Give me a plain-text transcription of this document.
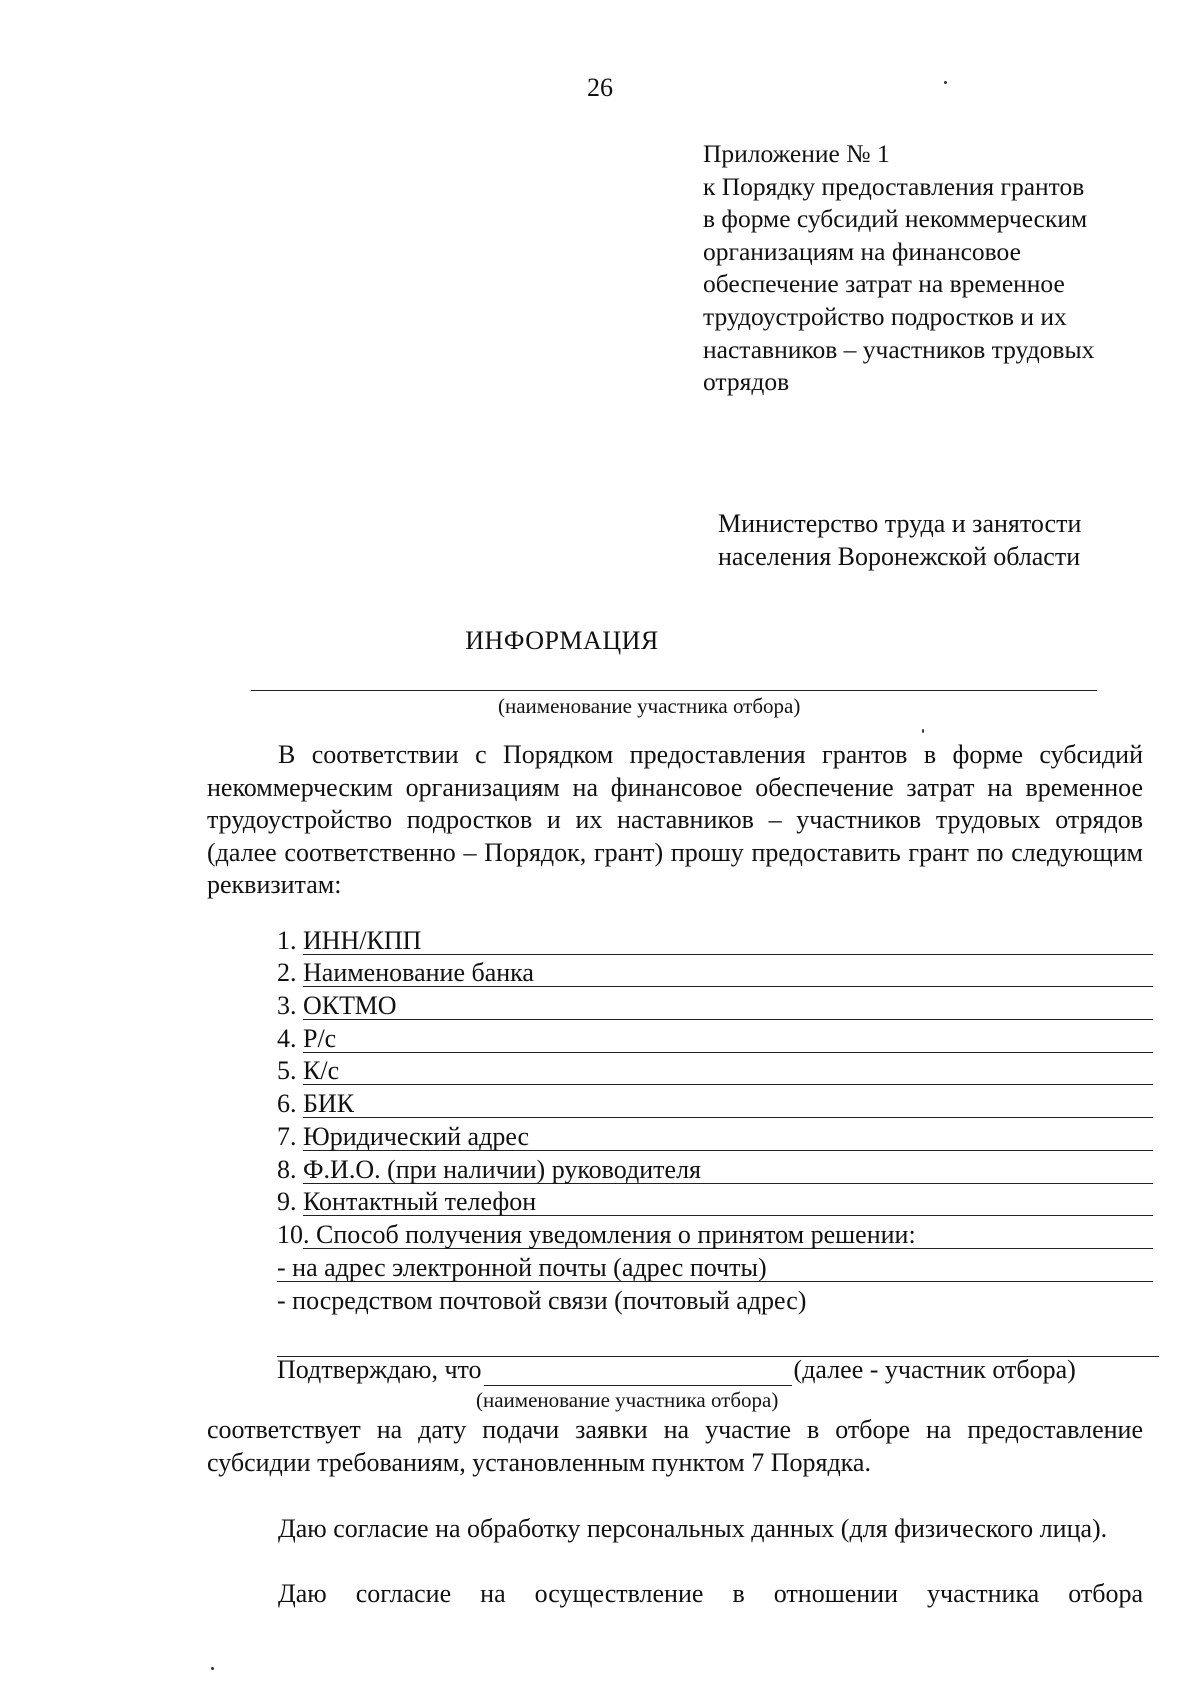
26
Приложение № 1
к Порядку предоставления грантов
в форме субсидий некоммерческим
организациям на финансовое
обеспечение затрат на временное
трудоустройство подростков и их
наставников – участников трудовых
отрядов
Министерство труда и занятости
населения Воронежской области
ИНФОРМАЦИЯ
(наименование участника отбора)

В соответствии с Порядком предоставления грантов в форме субсидий некоммерческим организациям на финансовое обеспечение затрат на временное трудоустройство подростков и их наставников – участников трудовых отрядов (далее соответственно – Порядок, грант) прошу предоставить грант по следующим реквизитам:

1. ИНН/КПП
2. Наименование банка
3. ОКТМО
4. Р/с
5. К/с
6. БИК
7. Юридический адрес
8. Ф.И.О. (при наличии) руководителя
9. Контактный телефон
10 . Способ получения уведомления о принятом решении:
- на адрес электронной почты (адрес почты)
- посредством почтовой связи (почтовый адрес)
Подтверждаю, что	(далее - участник отбора)
(наименование участника отбора)

соответствует на дату подачи заявки на участие в отборе на предоставление субсидии требованиям, установленным пунктом 7 Порядка.

Даю согласие на обработку персональных данных (для физического лица).

Даю согласие на осуществление в отношении участника отбора
